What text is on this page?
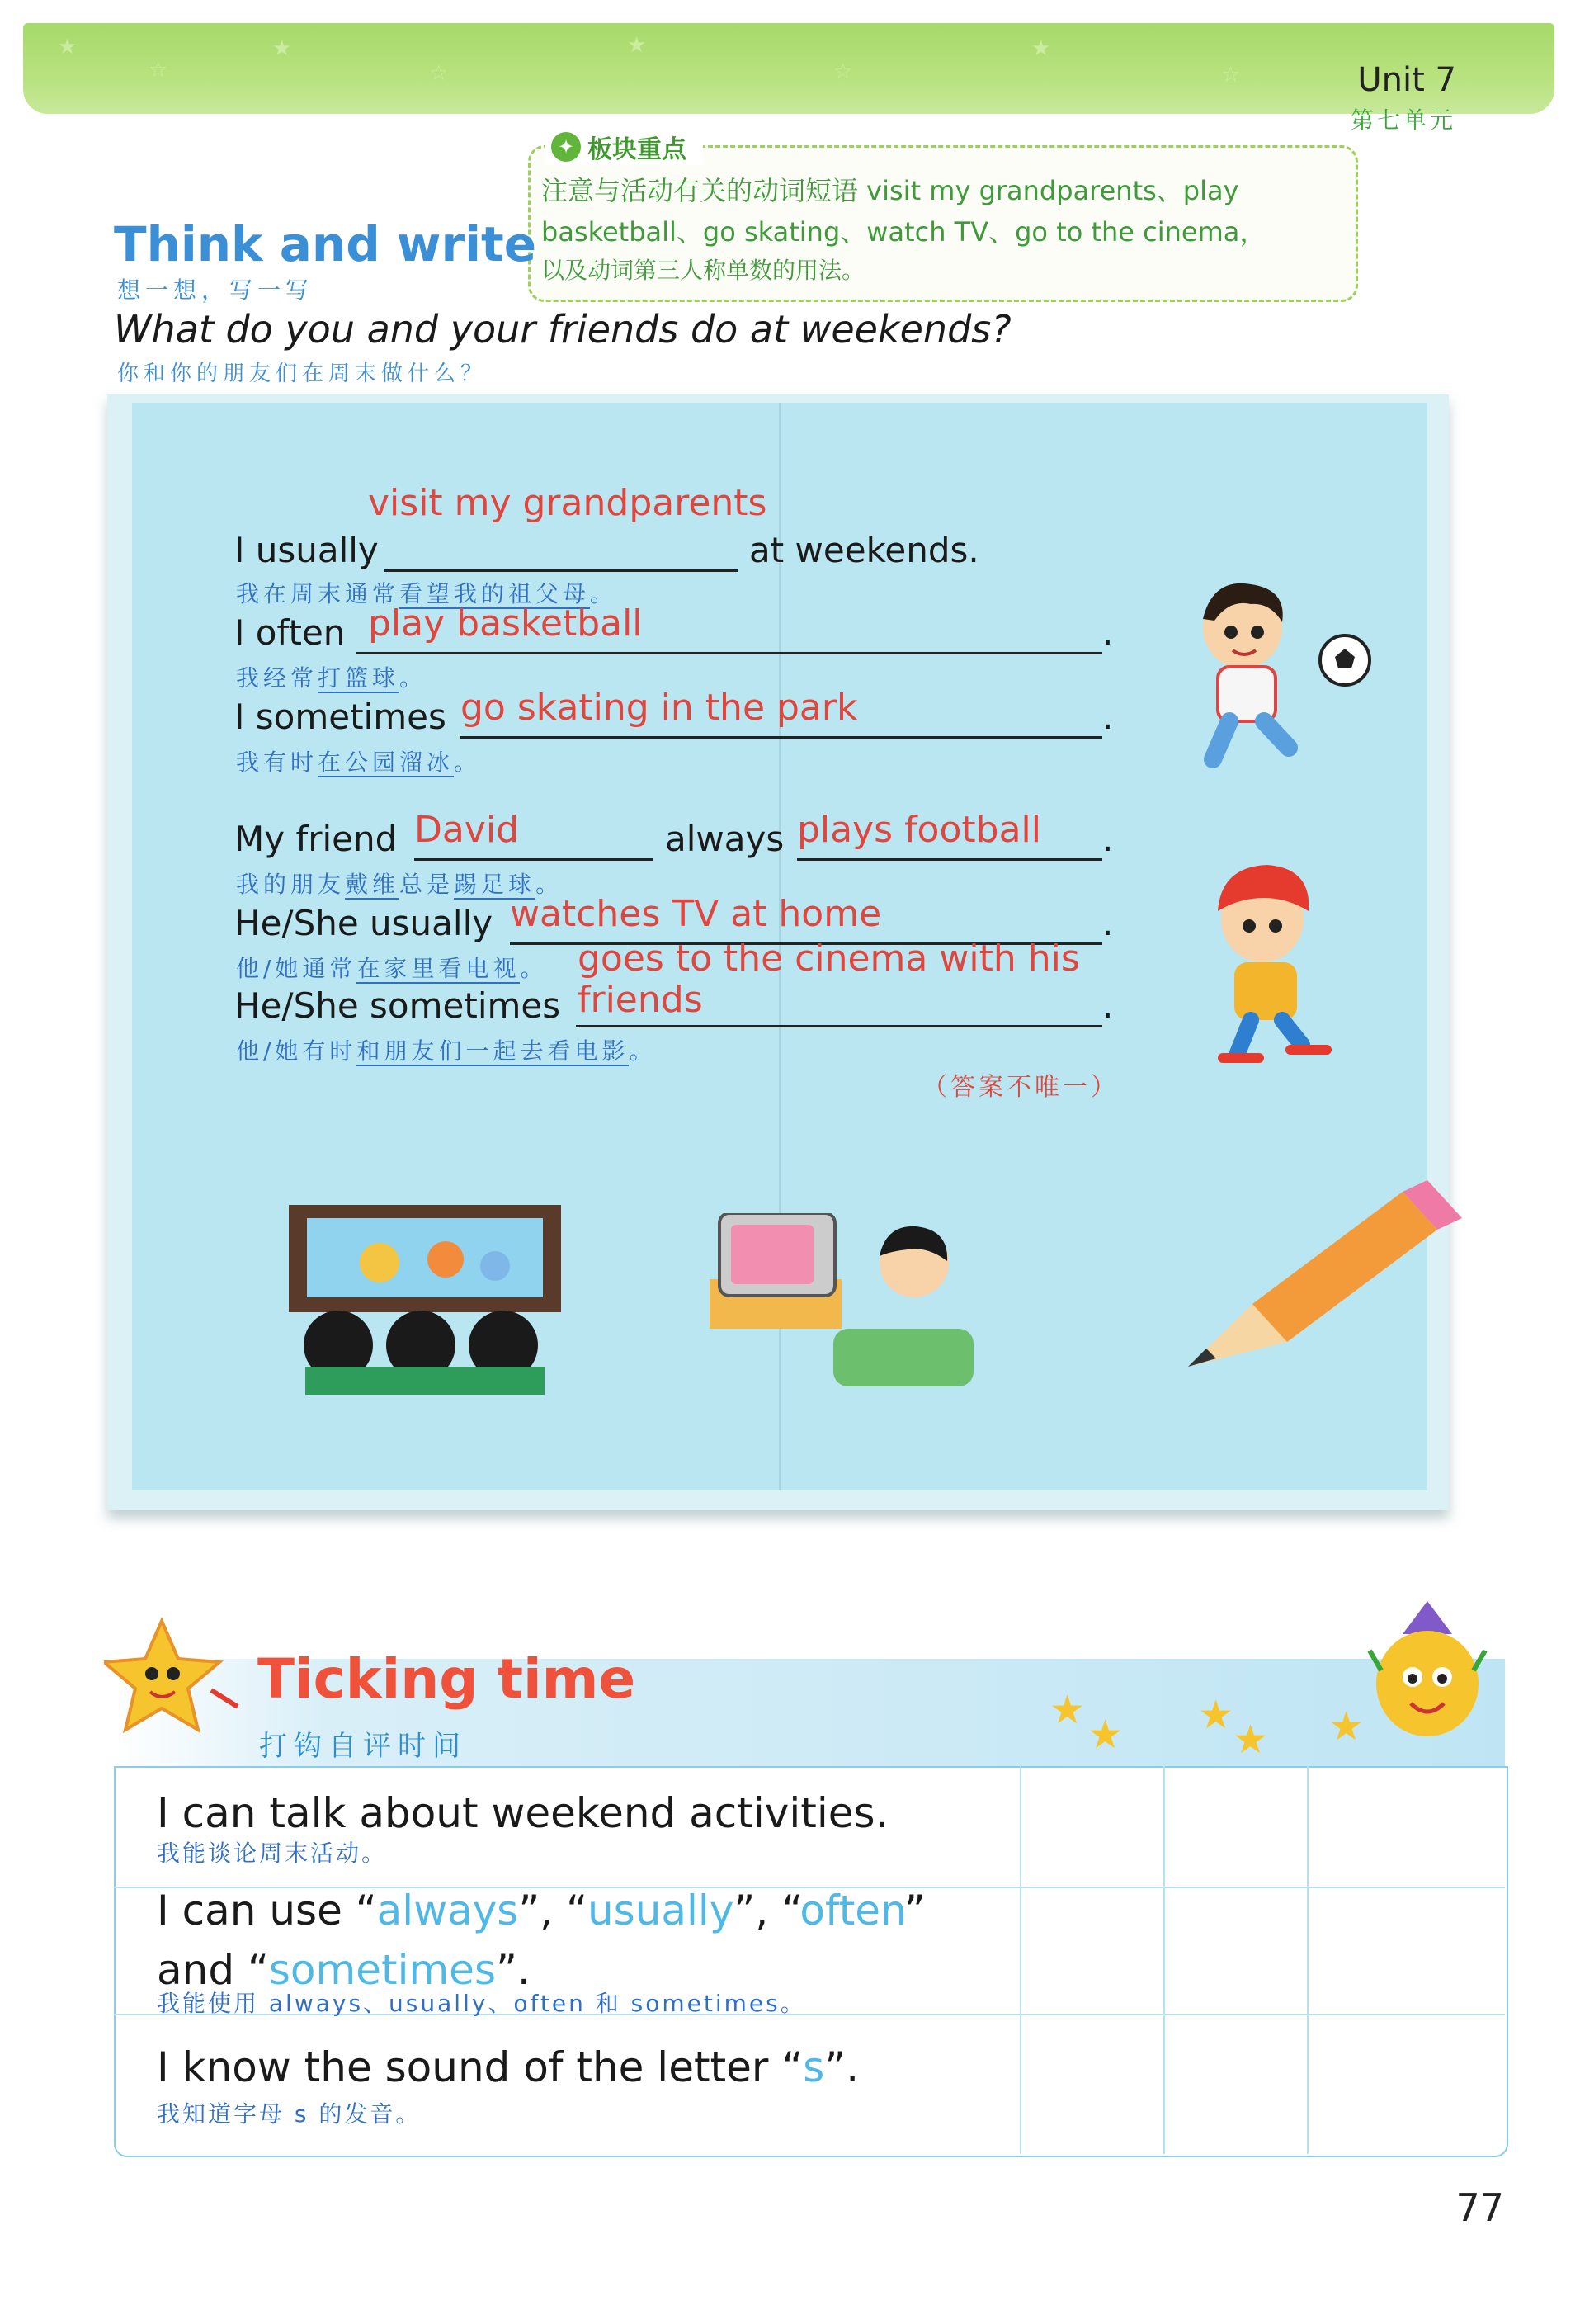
★
☆
★
☆
★
☆
★
☆	Unit 7
第七单元
✦ 板块重点
注意与活动有关的动词短语 visit my grandparents、play
basketball、go skating、watch TV、go to the cinema，
以及动词第三人称单数的用法。
Think and write
想一想，写一写
What do you and your friends do at weekends?
你和你的朋友们在周末做什么？
visit my grandparents
I usually	at weekends.
我在周末通常看望我的祖父母。
play basketball
I often	.
我经常打篮球。
go skating in the park
I sometimes	.
我有时在公园溜冰。
David
My friend	always plays football .
我的朋友戴维总是踢足球。
watches TV at home
He/She usually	.
他/她通常在家里看电视。 goes to the cinema with his
friends
He/She sometimes	.
他/她有时和朋友们一起去看电影。
（答案不唯一）
Ticking time
打钩自评时间
★
★ ★
★ ★
I can talk about weekend activities.
我能谈论周末活动。
I can use “always”, “usually”, “often”
and “sometimes”.
我能使用 always、usually、often 和 sometimes。
I know the sound of the letter “s”.
我知道字母 s 的发音。
77
